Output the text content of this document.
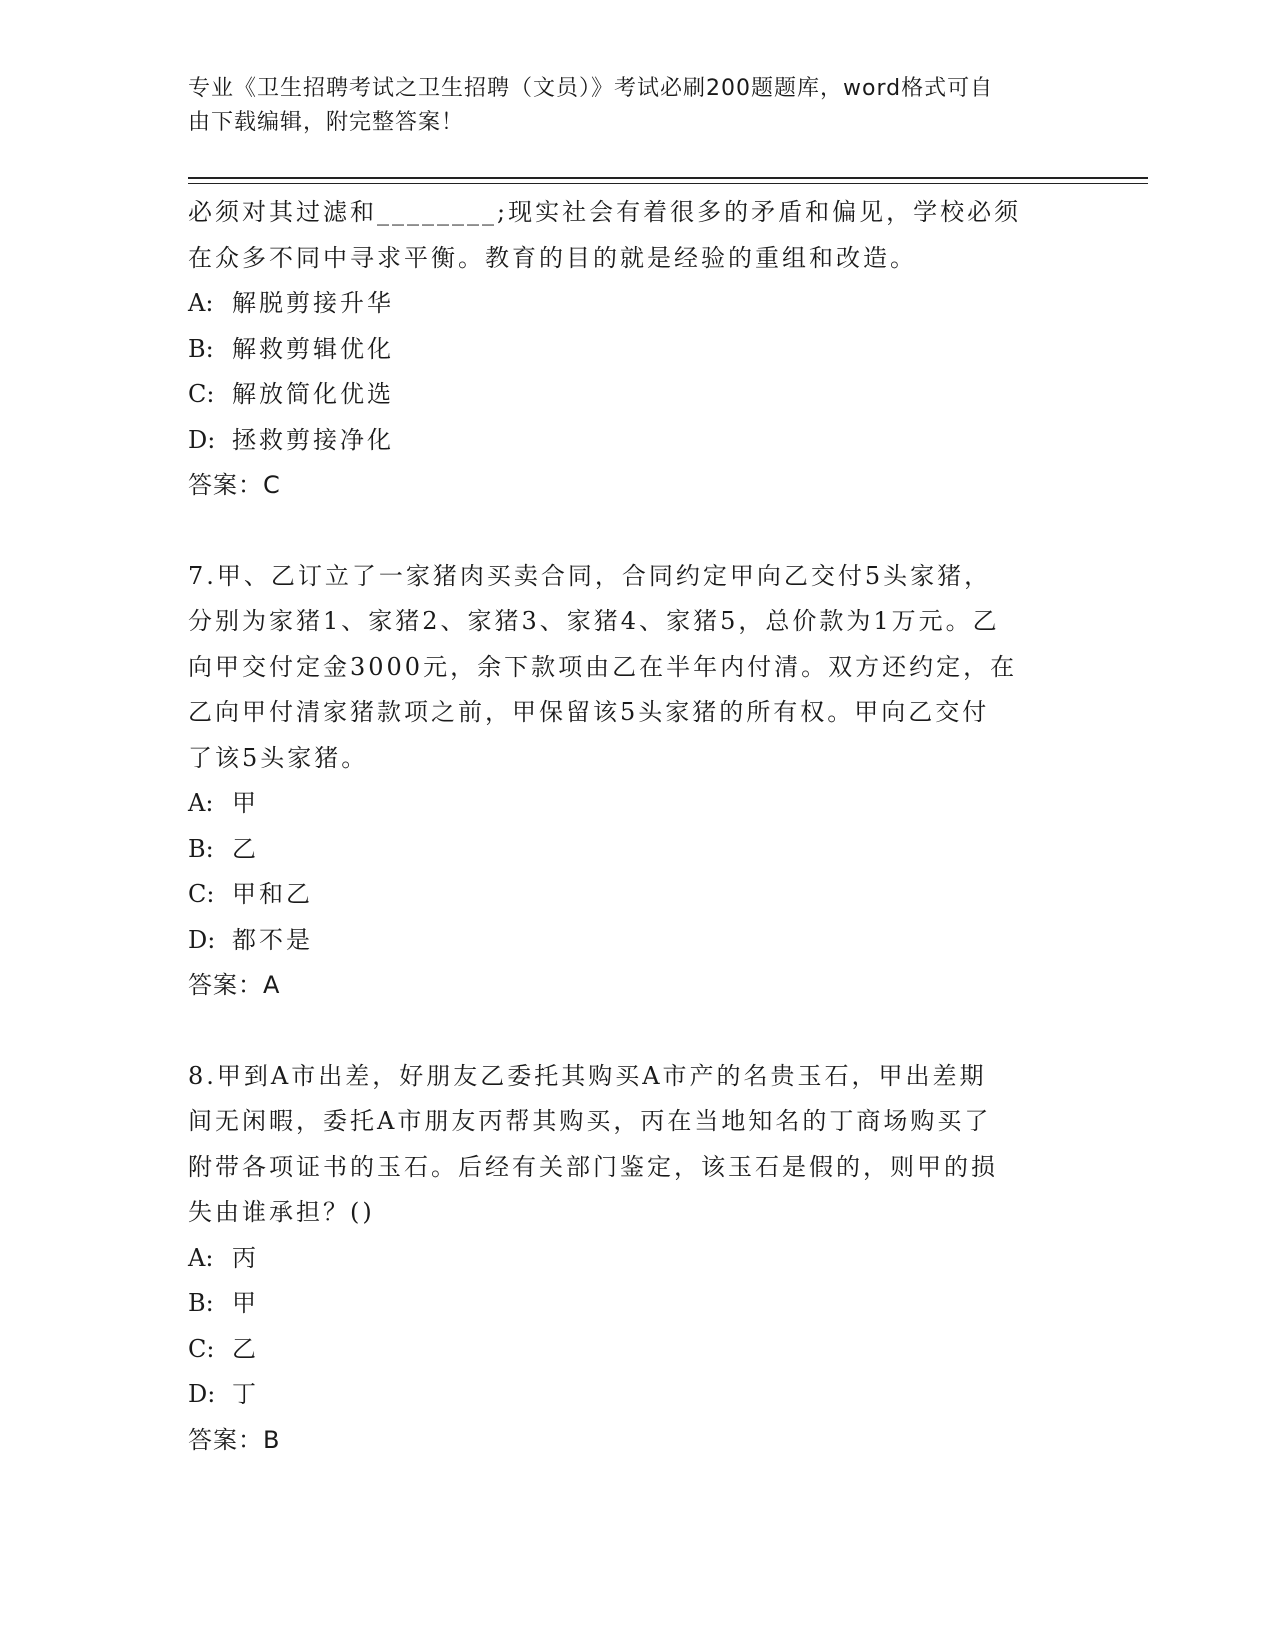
专业《卫生招聘考试之卫生招聘（文员）》考试必刷200题题库，word格式可自
由下载编辑，附完整答案！

必须对其过滤和________;现实社会有着很多的矛盾和偏见，学校必须

在众多不同中寻求平衡。教育的目的就是经验的重组和改造。

A: 解脱剪接升华

B: 解救剪辑优化

C: 解放简化优选

D: 拯救剪接净化

答案：C

7.甲、乙订立了一家猪肉买卖合同，合同约定甲向乙交付5头家猪，

分别为家猪1、家猪2、家猪3、家猪4、家猪5，总价款为1万元。乙

向甲交付定金3000元，余下款项由乙在半年内付清。双方还约定，在

乙向甲付清家猪款项之前，甲保留该5头家猪的所有权。甲向乙交付

了该5头家猪。

A: 甲

B: 乙

C: 甲和乙

D: 都不是

答案：A

8.甲到A市出差，好朋友乙委托其购买A市产的名贵玉石，甲出差期

间无闲暇，委托A市朋友丙帮其购买，丙在当地知名的丁商场购买了

附带各项证书的玉石。后经有关部门鉴定，该玉石是假的，则甲的损

失由谁承担？()

A: 丙

B: 甲

C: 乙

D: 丁

答案：B
